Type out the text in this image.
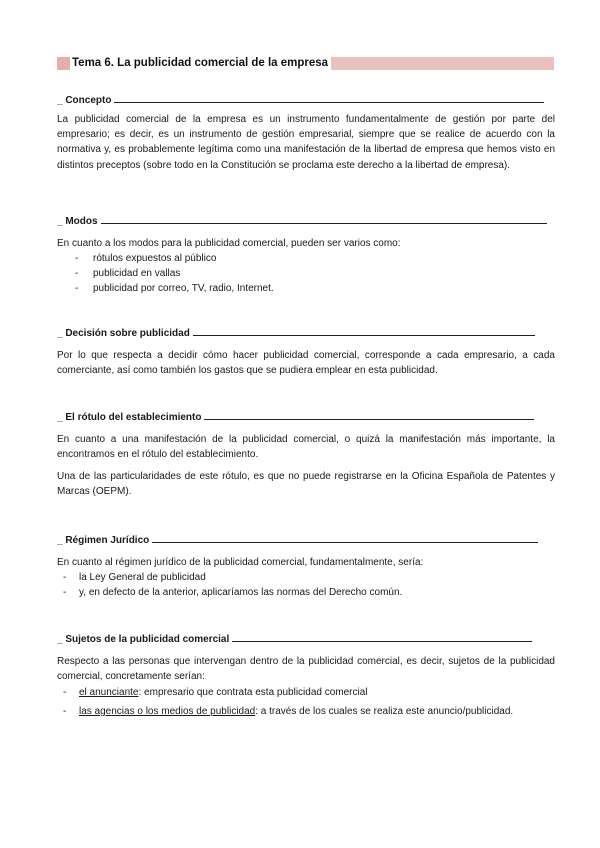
Tema 6. La publicidad comercial de la empresa
_ Concepto

La publicidad comercial de la empresa es un instrumento fundamentalmente de gestión por parte del empresario; es decir, es un instrumento de gestión empresarial, siempre que se realice de acuerdo con la normativa y, es probablemente legítima como una manifestación de la libertad de empresa que hemos visto en distintos preceptos (sobre todo en la Constitución se proclama este derecho a la libertad de empresa).

_ Modos

En cuanto a los modos para la publicidad comercial, pueden ser varios como:

- rótulos expuestos al público
- publicidad en vallas
- publicidad por correo, TV, radio, Internet.
_ Decisión sobre publicidad

Por lo que respecta a decidir cómo hacer publicidad comercial, corresponde a cada empresario, a cada comerciante, así como también los gastos que se pudiera emplear en esta publicidad.

_ El rótulo del establecimiento

En cuanto a una manifestación de la publicidad comercial, o quizá la manifestación más importante, la encontramos en el rótulo del establecimiento.

Una de las particularidades de este rótulo, es que no puede registrarse en la Oficina Española de Patentes y Marcas (OEPM).

_ Régimen Jurídico

En cuanto al régimen jurídico de la publicidad comercial, fundamentalmente, sería:

- la Ley General de publicidad
- y, en defecto de la anterior, aplicaríamos las normas del Derecho común.
_ Sujetos de la publicidad comercial

Respecto a las personas que intervengan dentro de la publicidad comercial, es decir, sujetos de la publicidad comercial, concretamente serían:

- el anunciante: empresario que contrata esta publicidad comercial
- las agencias o los medios de publicidad: a través de los cuales se realiza este anuncio/publicidad.
